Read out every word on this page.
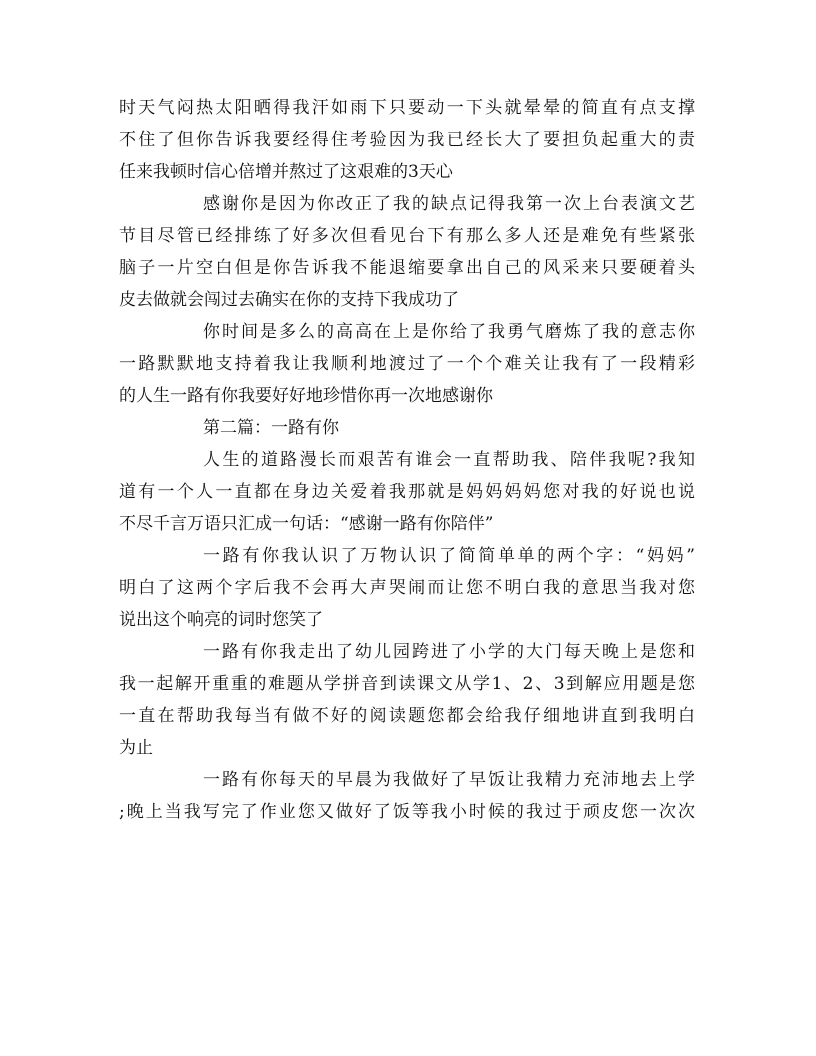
时天气闷热太阳晒得我汗如雨下只要动一下头就晕晕的简直有点支撑
不住了但你告诉我要经得住考验因为我已经长大了要担负起重大的责
任来我顿时信心倍增并熬过了这艰难的3天心
感谢你是因为你改正了我的缺点记得我第一次上台表演文艺
节目尽管已经排练了好多次但看见台下有那么多人还是难免有些紧张
脑子一片空白但是你告诉我不能退缩要拿出自己的风采来只要硬着头
皮去做就会闯过去确实在你的支持下我成功了
你时间是多么的高高在上是你给了我勇气磨炼了我的意志你
一路默默地支持着我让我顺利地渡过了一个个难关让我有了一段精彩
的人生一路有你我要好好地珍惜你再一次地感谢你
第二篇：一路有你
人生的道路漫长而艰苦有谁会一直帮助我、陪伴我呢?我知
道有一个人一直都在身边关爱着我那就是妈妈妈妈您对我的好说也说
不尽千言万语只汇成一句话：“感谢一路有你陪伴”
一路有你我认识了万物认识了简简单单的两个字：“妈妈”
明白了这两个字后我不会再大声哭闹而让您不明白我的意思当我对您
说出这个响亮的词时您笑了
一路有你我走出了幼儿园跨进了小学的大门每天晚上是您和
我一起解开重重的难题从学拼音到读课文从学1、2、3到解应用题是您
一直在帮助我每当有做不好的阅读题您都会给我仔细地讲直到我明白
为止
一路有你每天的早晨为我做好了早饭让我精力充沛地去上学
;晚上当我写完了作业您又做好了饭等我小时候的我过于顽皮您一次次
